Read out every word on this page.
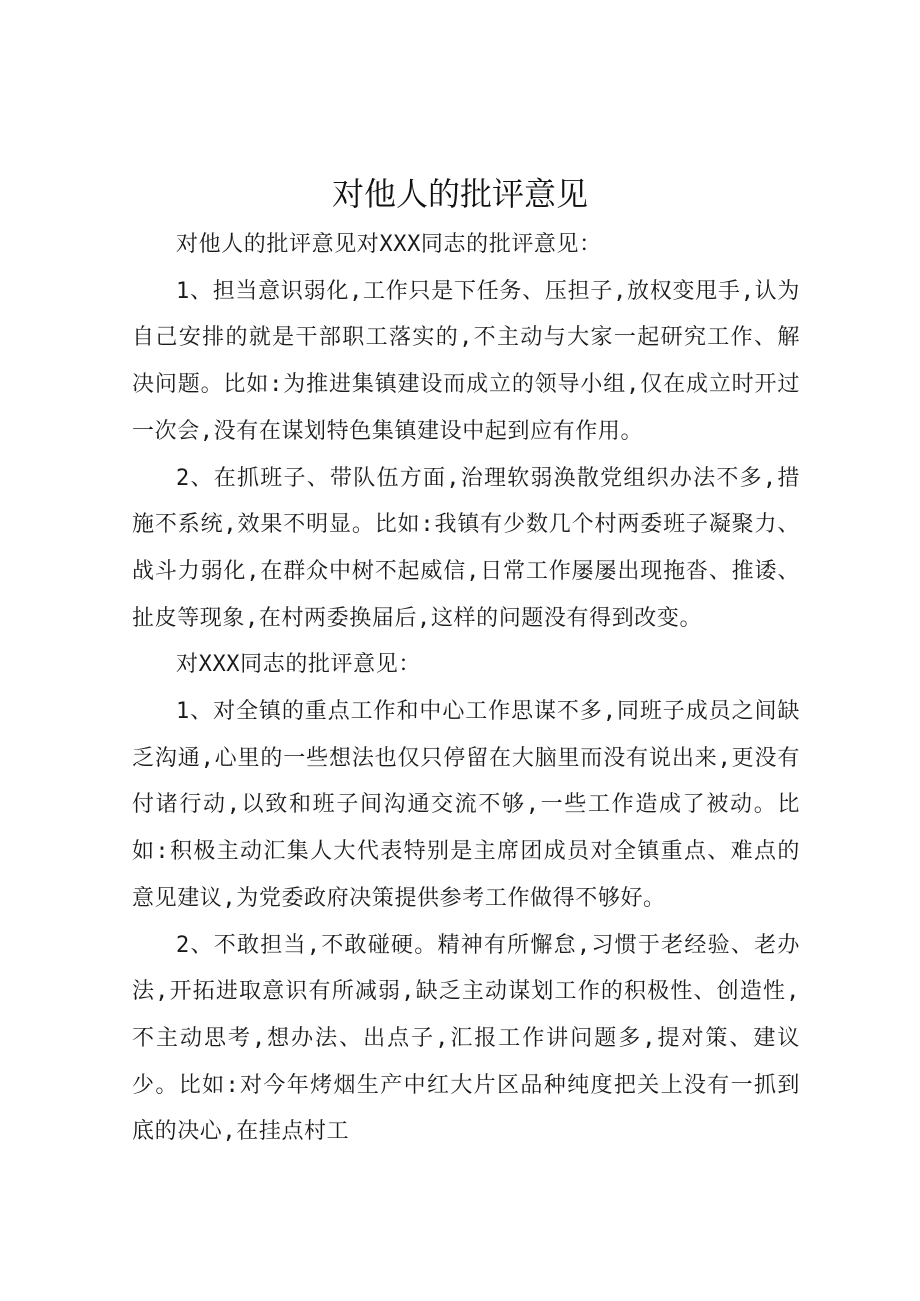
对他人的批评意见

对他人的批评意见对XXX同志的批评意见：

1、担当意识弱化,工作只是下任务、压担子,放权变甩手,认为自己安排的就是干部职工落实的,不主动与大家一起研究工作、解决问题。比如:为推进集镇建设而成立的领导小组,仅在成立时开过一次会,没有在谋划特色集镇建设中起到应有作用。

2、在抓班子、带队伍方面,治理软弱涣散党组织办法不多,措施不系统,效果不明显。比如:我镇有少数几个村两委班子凝聚力、战斗力弱化,在群众中树不起威信,日常工作屡屡出现拖沓、推诿、扯皮等现象,在村两委换届后,这样的问题没有得到改变。

对XXX同志的批评意见：

1、对全镇的重点工作和中心工作思谋不多,同班子成员之间缺乏沟通,心里的一些想法也仅只停留在大脑里而没有说出来,更没有付诸行动,以致和班子间沟通交流不够,一些工作造成了被动。比如:积极主动汇集人大代表特别是主席团成员对全镇重点、难点的意见建议,为党委政府决策提供参考工作做得不够好。

2、不敢担当,不敢碰硬。精神有所懈怠,习惯于老经验、老办法,开拓进取意识有所减弱,缺乏主动谋划工作的积极性、创造性,不主动思考,想办法、出点子,汇报工作讲问题多,提对策、建议少。比如:对今年烤烟生产中红大片区品种纯度把关上没有一抓到底的决心,在挂点村工
